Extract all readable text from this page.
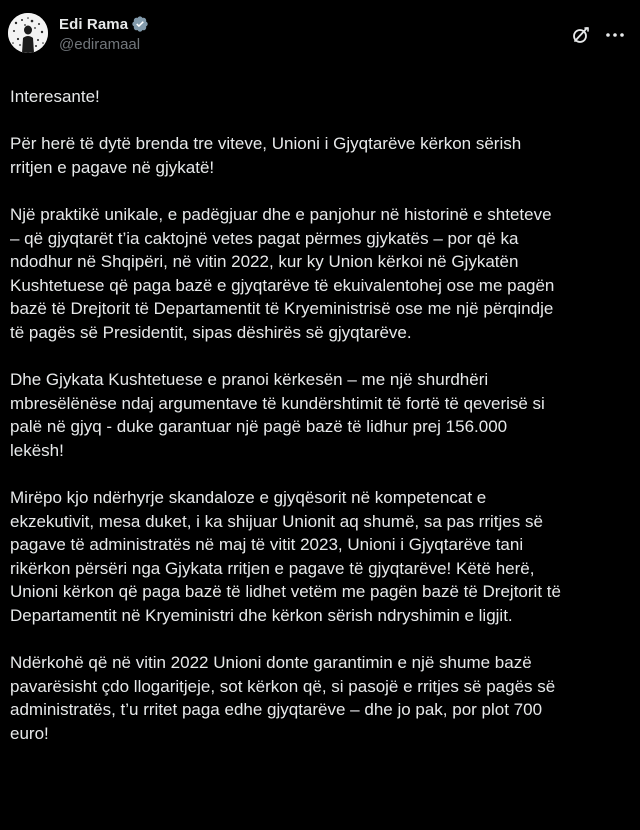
Edi Rama
@ediramaal

Interesante!

Për herë të dytë brenda tre viteve, Unioni i Gjyqtarëve kërkon sërish
rritjen e pagave në gjykatë!

Një praktikë unikale, e padëgjuar dhe e panjohur në historinë e shteteve
– që gjyqtarët t’ia caktojnë vetes pagat përmes gjykatës – por që ka
ndodhur në Shqipëri, në vitin 2022, kur ky Union kërkoi në Gjykatën
Kushtetuese që paga bazë e gjyqtarëve të ekuivalentohej ose me pagën
bazë të Drejtorit të Departamentit të Kryeministrisë ose me një përqindje
të pagës së Presidentit, sipas dëshirës së gjyqtarëve.

Dhe Gjykata Kushtetuese e pranoi kërkesën – me një shurdhëri
mbresëlënëse ndaj argumentave të kundërshtimit të fortë të qeverisë si
palë në gjyq - duke garantuar një pagë bazë të lidhur prej 156.000
lekësh!

Mirëpo kjo ndërhyrje skandaloze e gjyqësorit në kompetencat e
ekzekutivit, mesa duket, i ka shijuar Unionit aq shumë, sa pas rritjes së
pagave të administratës në maj të vitit 2023, Unioni i Gjyqtarëve tani
rikërkon përsëri nga Gjykata rritjen e pagave të gjyqtarëve! Këtë herë,
Unioni kërkon që paga bazë të lidhet vetëm me pagën bazë të Drejtorit të
Departamentit në Kryeministri dhe kërkon sërish ndryshimin e ligjit.

Ndërkohë që në vitin 2022 Unioni donte garantimin e një shume bazë
pavarësisht çdo llogaritjeje, sot kërkon që, si pasojë e rritjes së pagës së
administratës, t’u rritet paga edhe gjyqtarëve – dhe jo pak, por plot 700
euro!
